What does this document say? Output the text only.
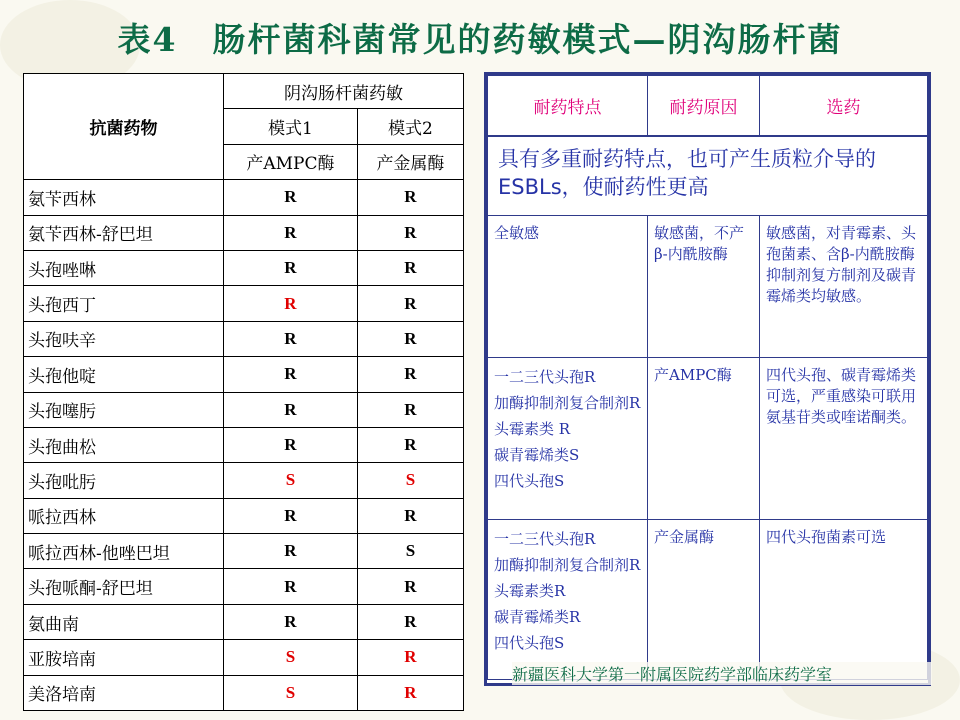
表4　肠杆菌科菌常见的药敏模式—阴沟肠杆菌
抗菌药物	阴沟肠杆菌药敏	
	模式1	模式2
	产AMPC酶	产金属酶
氨苄西林	R	R
氨苄西林-舒巴坦	R	R
头孢唑啉	R	R
头孢西丁	R	R
头孢呋辛	R	R
头孢他啶	R	R
头孢噻肟	R	R
头孢曲松	R	R
头孢吡肟	S	S
哌拉西林	R	R
哌拉西林-他唑巴坦	R	S
头孢哌酮-舒巴坦	R	R
氨曲南	R	R
亚胺培南	S	R
美洛培南	S	R
耐药特点	耐药原因	选药
具有多重耐药特点，也可产生质粒介导的ESBLs，使耐药性更高		
全敏感	敏感菌，不产β-内酰胺酶	敏感菌，对青霉素、头孢菌素、含β-内酰胺酶抑制剂复方制剂及碳青霉烯类均敏感。

一二三代头孢R
加酶抑制剂复合制剂R
头霉素类 R
碳青霉烯类S
四代头孢S	产AMPC酶	四代头孢、碳青霉烯类可选，严重感染可联用氨基苷类或喹诺酮类。

一二三代头孢R
加酶抑制剂复合制剂R
头霉素类R
碳青霉烯类R
四代头孢S	产金属酶	四代头孢菌素可选
新疆医科大学第一附属医院药学部临床药学室
